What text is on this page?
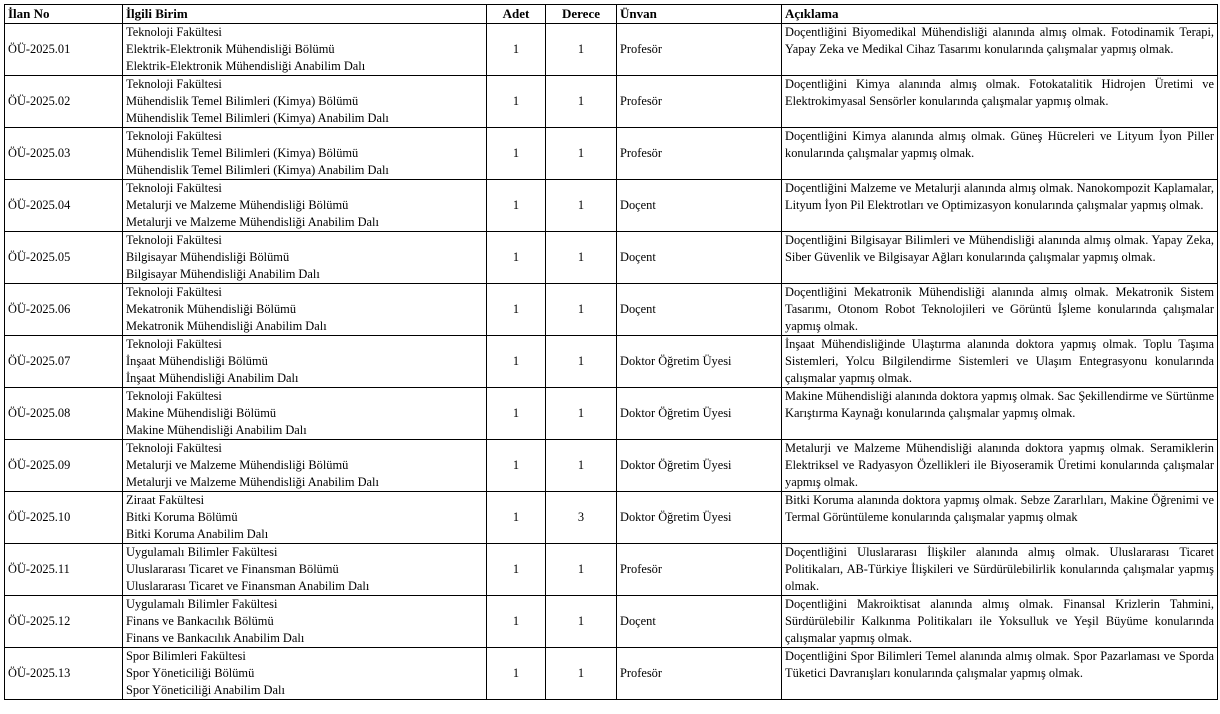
İlan No	İlgili Birim	Adet	Derece	Ünvan	Açıklama
ÖÜ-2025.01	Teknoloji Fakültesi
Elektrik-Elektronik Mühendisliği Bölümü
Elektrik-Elektronik Mühendisliği Anabilim Dalı	1	1	Profesör	Doçentliğini Biyomedikal Mühendisliği alanında almış olmak. Fotodinamik Terapi, Yapay Zeka ve Medikal Cihaz Tasarımı konularında çalışmalar yapmış olmak.
ÖÜ-2025.02	Teknoloji Fakültesi
Mühendislik Temel Bilimleri (Kimya) Bölümü
Mühendislik Temel Bilimleri (Kimya) Anabilim Dalı	1	1	Profesör	Doçentliğini Kimya alanında almış olmak. Fotokatalitik Hidrojen Üretimi ve Elektrokimyasal Sensörler konularında çalışmalar yapmış olmak.
ÖÜ-2025.03	Teknoloji Fakültesi
Mühendislik Temel Bilimleri (Kimya) Bölümü
Mühendislik Temel Bilimleri (Kimya) Anabilim Dalı	1	1	Profesör	Doçentliğini Kimya alanında almış olmak. Güneş Hücreleri ve Lityum İyon Piller konularında çalışmalar yapmış olmak.
ÖÜ-2025.04	Teknoloji Fakültesi
Metalurji ve Malzeme Mühendisliği Bölümü
Metalurji ve Malzeme Mühendisliği Anabilim Dalı	1	1	Doçent	Doçentliğini Malzeme ve Metalurji alanında almış olmak. Nanokompozit Kaplamalar, Lityum İyon Pil Elektrotları ve Optimizasyon konularında çalışmalar yapmış olmak.
ÖÜ-2025.05	Teknoloji Fakültesi
Bilgisayar Mühendisliği Bölümü
Bilgisayar Mühendisliği Anabilim Dalı	1	1	Doçent	Doçentliğini Bilgisayar Bilimleri ve Mühendisliği alanında almış olmak. Yapay Zeka, Siber Güvenlik ve Bilgisayar Ağları konularında çalışmalar yapmış olmak.
ÖÜ-2025.06	Teknoloji Fakültesi
Mekatronik Mühendisliği Bölümü
Mekatronik Mühendisliği Anabilim Dalı	1	1	Doçent	Doçentliğini Mekatronik Mühendisliği alanında almış olmak. Mekatronik Sistem Tasarımı, Otonom Robot Teknolojileri ve Görüntü İşleme konularında çalışmalar yapmış olmak.
ÖÜ-2025.07	Teknoloji Fakültesi
İnşaat Mühendisliği Bölümü
İnşaat Mühendisliği Anabilim Dalı	1	1	Doktor Öğretim Üyesi	İnşaat Mühendisliğinde Ulaştırma alanında doktora yapmış olmak. Toplu Taşıma Sistemleri, Yolcu Bilgilendirme Sistemleri ve Ulaşım Entegrasyonu konularında çalışmalar yapmış olmak.
ÖÜ-2025.08	Teknoloji Fakültesi
Makine Mühendisliği Bölümü
Makine Mühendisliği Anabilim Dalı	1	1	Doktor Öğretim Üyesi	Makine Mühendisliği alanında doktora yapmış olmak. Sac Şekillendirme ve Sürtünme Karıştırma Kaynağı konularında çalışmalar yapmış olmak.
ÖÜ-2025.09	Teknoloji Fakültesi
Metalurji ve Malzeme Mühendisliği Bölümü
Metalurji ve Malzeme Mühendisliği Anabilim Dalı	1	1	Doktor Öğretim Üyesi	Metalurji ve Malzeme Mühendisliği alanında doktora yapmış olmak. Seramiklerin Elektriksel ve Radyasyon Özellikleri ile Biyoseramik Üretimi konularında çalışmalar yapmış olmak.
ÖÜ-2025.10	Ziraat Fakültesi
Bitki Koruma Bölümü
Bitki Koruma Anabilim Dalı	1	3	Doktor Öğretim Üyesi	Bitki Koruma alanında doktora yapmış olmak. Sebze Zararlıları, Makine Öğrenimi ve Termal Görüntüleme konularında çalışmalar yapmış olmak
ÖÜ-2025.11	Uygulamalı Bilimler Fakültesi
Uluslararası Ticaret ve Finansman Bölümü
Uluslararası Ticaret ve Finansman Anabilim Dalı	1	1	Profesör	Doçentliğini Uluslararası İlişkiler alanında almış olmak. Uluslararası Ticaret Politikaları, AB-Türkiye İlişkileri ve Sürdürülebilirlik konularında çalışmalar yapmış olmak.
ÖÜ-2025.12	Uygulamalı Bilimler Fakültesi
Finans ve Bankacılık Bölümü
Finans ve Bankacılık Anabilim Dalı	1	1	Doçent	Doçentliğini Makroiktisat alanında almış olmak. Finansal Krizlerin Tahmini, Sürdürülebilir Kalkınma Politikaları ile Yoksulluk ve Yeşil Büyüme konularında çalışmalar yapmış olmak.
ÖÜ-2025.13	Spor Bilimleri Fakültesi
Spor Yöneticiliği Bölümü
Spor Yöneticiliği Anabilim Dalı	1	1	Profesör	Doçentliğini Spor Bilimleri Temel alanında almış olmak. Spor Pazarlaması ve Sporda Tüketici Davranışları konularında çalışmalar yapmış olmak.
